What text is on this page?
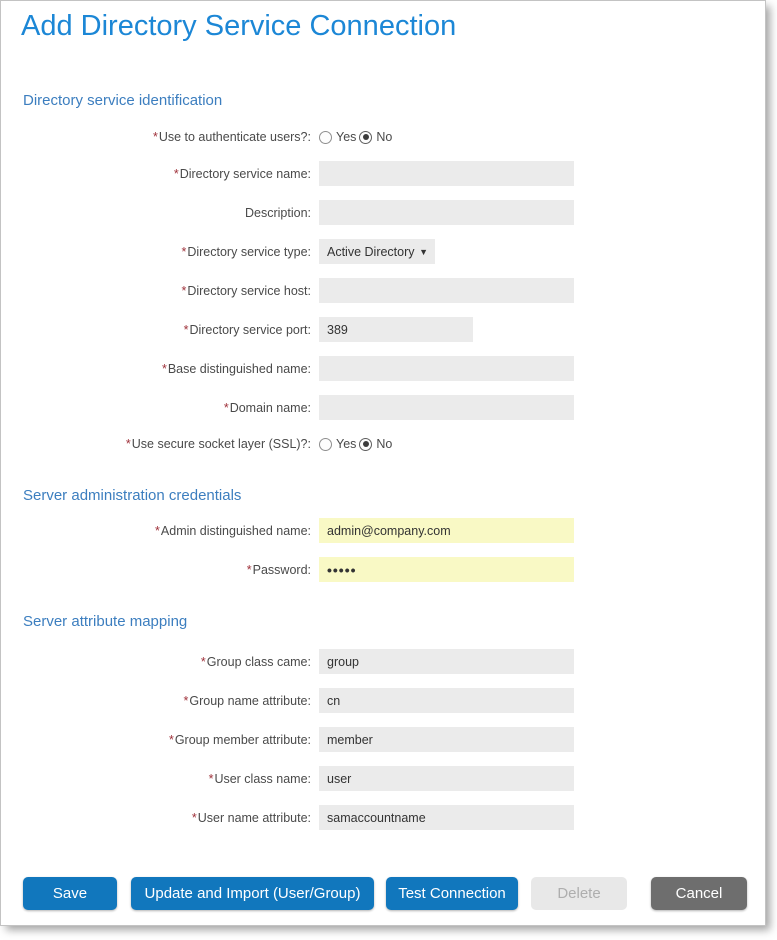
Add Directory Service Connection
Directory service identification
*Use to authenticate users?: Yes No
*Directory service name:
Description:
*Directory service type: Active Directory ▼
*Directory service host:
*Directory service port:
389
*Base distinguished name:
*Domain name:
*Use secure socket layer (SSL)?: Yes No
Server administration credentials
*Admin distinguished name:
admin@company.com
*Password:
•••••
Server attribute mapping
*Group class came:
group
*Group name attribute:
cn
*Group member attribute:
member
*User class name:
user
*User name attribute:
samaccountname
Save	Update and Import (User/Group)	Test Connection	Delete	Cancel
